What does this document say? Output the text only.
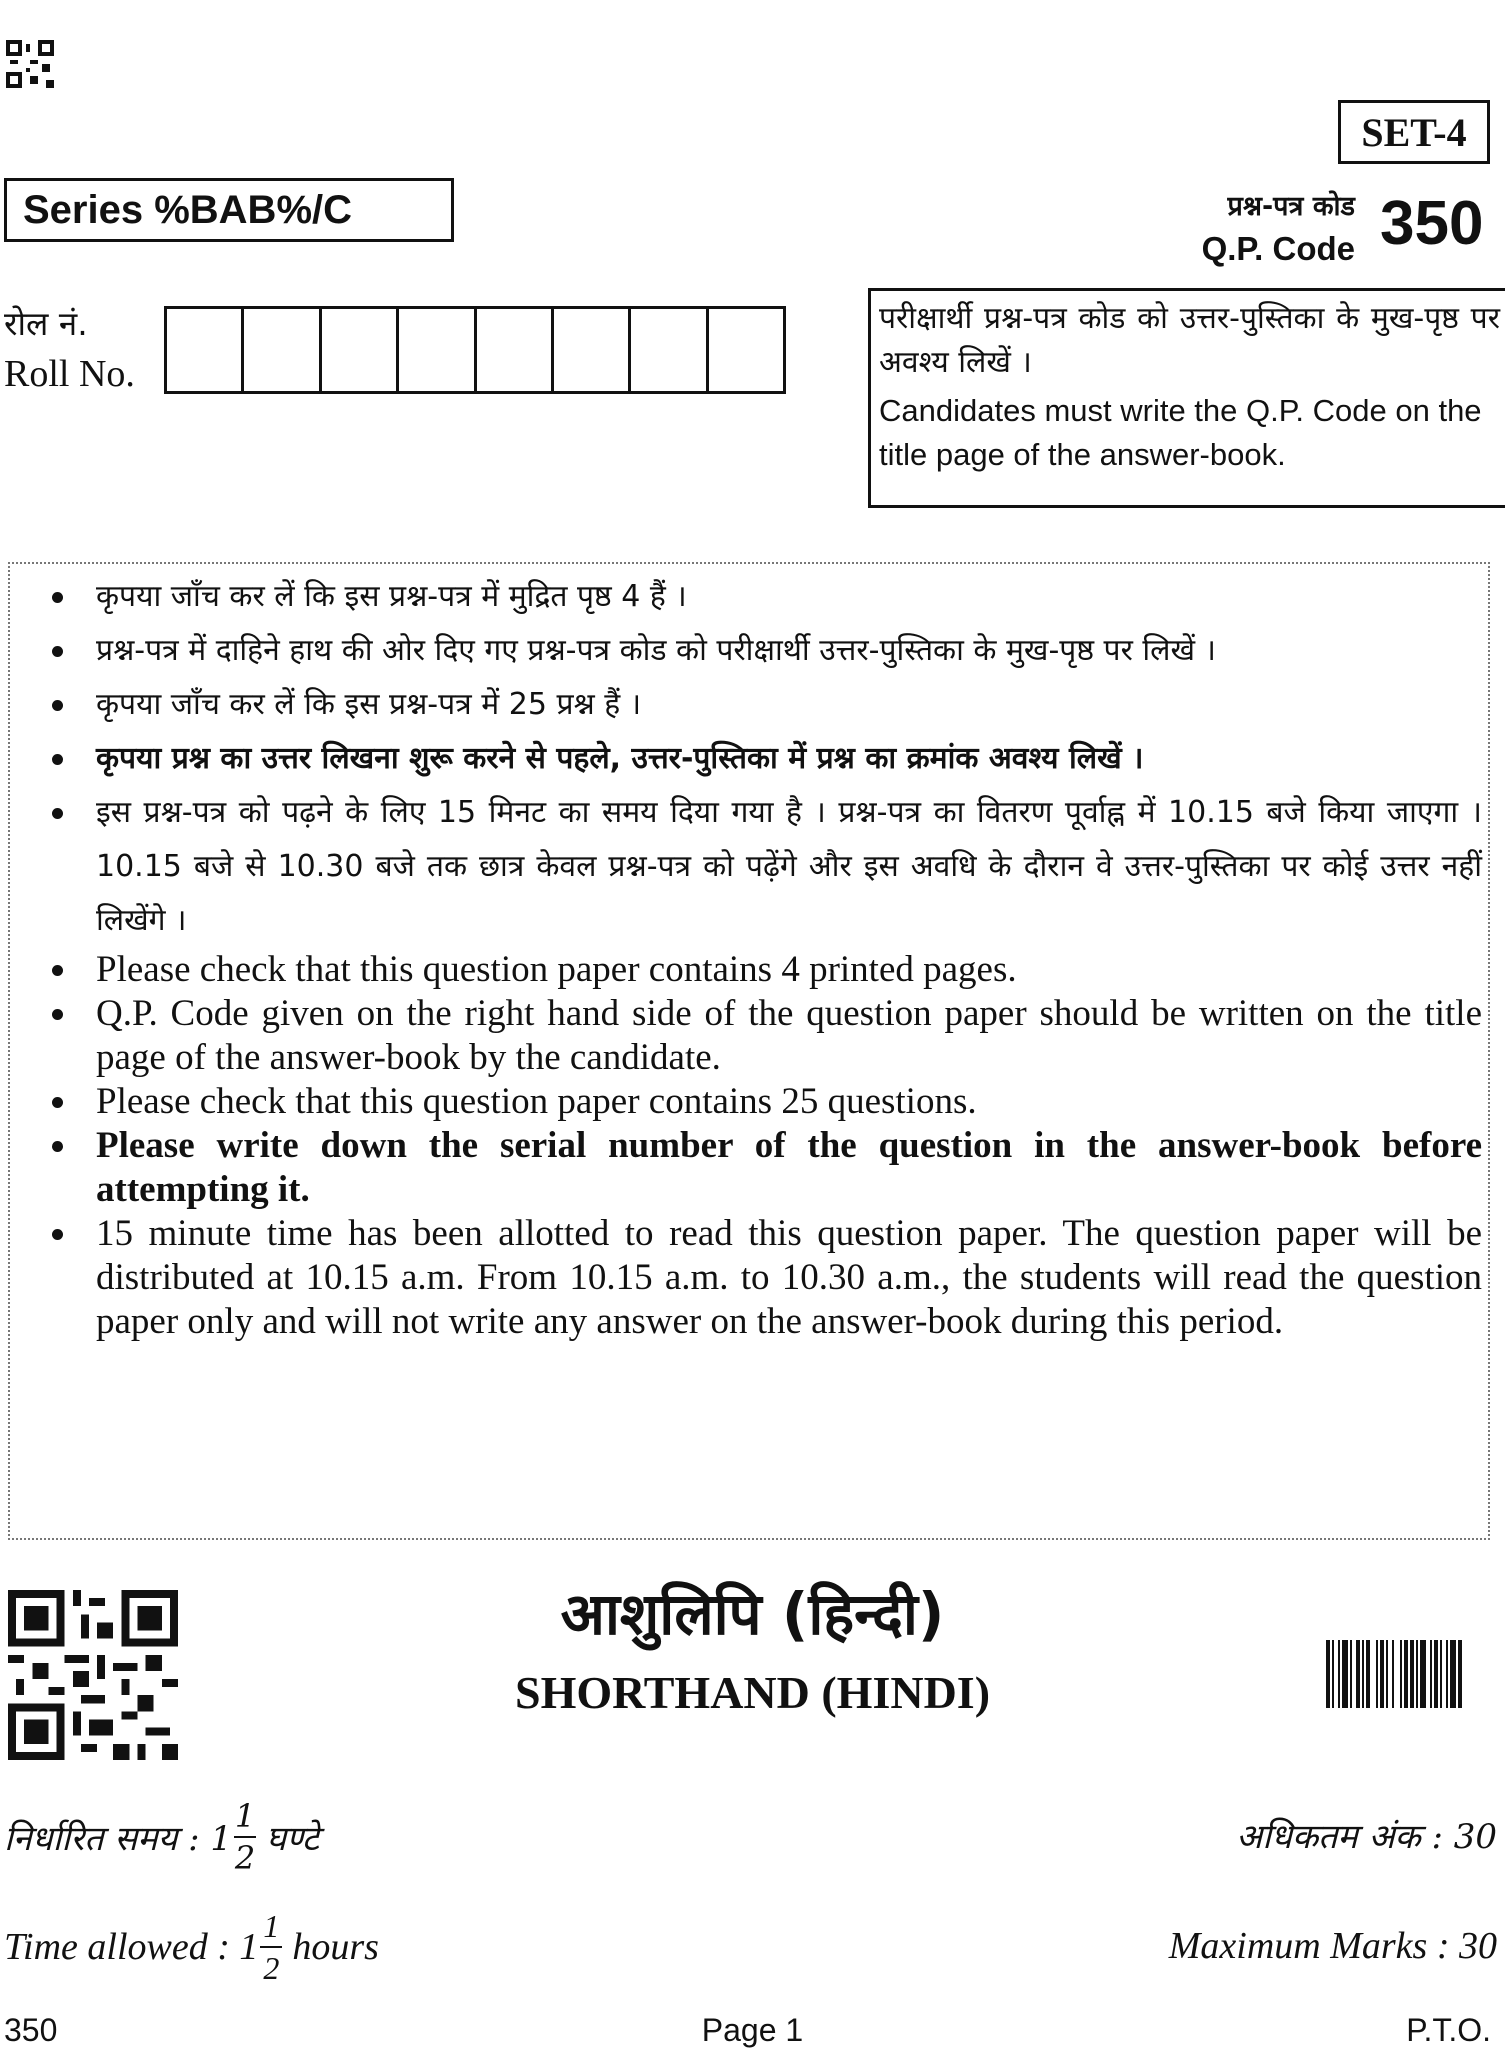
SET-4
Series %BAB%/C	प्रश्न-पत्र कोड
Q.P. Code 350
रोल नं.
Roll No.
परीक्षार्थी प्रश्न-पत्र कोड को उत्तर-पुस्तिका के मुख-पृष्ठ पर अवश्य लिखें ।
Candidates must write the Q.P. Code on the title page of the answer-book.
कृपया जाँच कर लें कि इस प्रश्न-पत्र में मुद्रित पृष्ठ 4 हैं ।
प्रश्न-पत्र में दाहिने हाथ की ओर दिए गए प्रश्न-पत्र कोड को परीक्षार्थी उत्तर-पुस्तिका के मुख-पृष्ठ पर लिखें ।
कृपया जाँच कर लें कि इस प्रश्न-पत्र में 25 प्रश्न हैं ।
कृपया प्रश्न का उत्तर लिखना शुरू करने से पहले, उत्तर-पुस्तिका में प्रश्न का क्रमांक अवश्य लिखें ।
इस प्रश्न-पत्र को पढ़ने के लिए 15 मिनट का समय दिया गया है । प्रश्न-पत्र का वितरण पूर्वाह्न में 10.15 बजे किया जाएगा । 10.15 बजे से 10.30 बजे तक छात्र केवल प्रश्न-पत्र को पढ़ेंगे और इस अवधि के दौरान वे उत्तर-पुस्तिका पर कोई उत्तर नहीं लिखेंगे ।
Please check that this question paper contains 4 printed pages.
Q.P. Code given on the right hand side of the question paper should be written on the title page of the answer-book by the candidate.
Please check that this question paper contains 25 questions.
Please write down the serial number of the question in the answer-book before attempting it.
15 minute time has been allotted to read this question paper. The question paper will be distributed at 10.15 a.m. From 10.15 a.m. to 10.30 a.m., the students will read the question paper only and will not write any answer on the answer-book during this period.
आशुलिपि (हिन्दी)
SHORTHAND (HINDI)
निर्धारित समय : $1 \frac{1}{2}$ घण्टे	अधिकतम अंक : 30
Time allowed : $1 \frac{1}{2}$ hours	Maximum Marks : 30
350	Page 1	P.T.O.
